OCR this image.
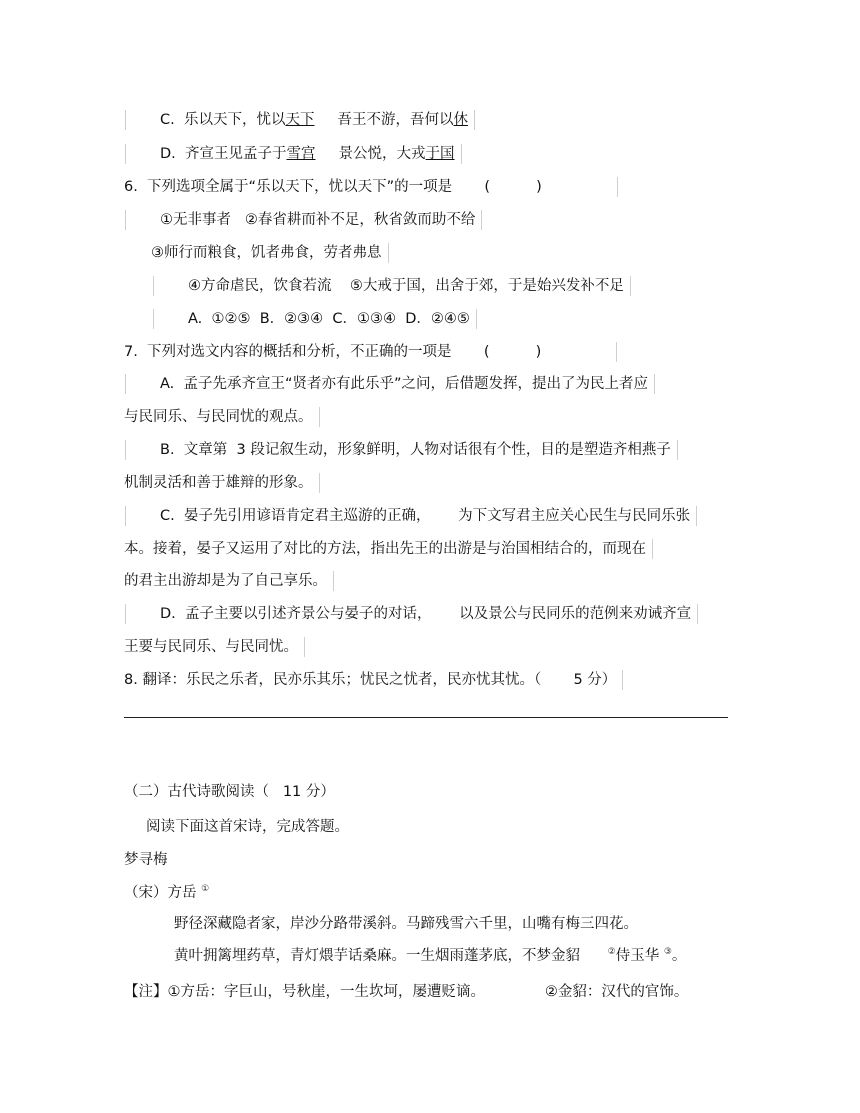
C. 乐以天下，忧以天下 吾王不游，吾何以休
D. 齐宣王见孟子于雪宫 景公悦，大戎于国
6.  下列选项全属于“乐以天下，忧以天下”的一项是 (          )
①无非事者   ②春省耕而补不足，秋省敛而助不给
③师行而粮食，饥者弗食，劳者弗息
④方命虐民，饮食若流    ⑤大戒于国，出舍于郊，于是始兴发补不足
A.  ①②⑤  B．②③④  C．①③④  D．②④⑤
7.  下列对选文内容的概括和分析，不正确的一项是 (          )
A.  孟子先承齐宣王“贤者亦有此乐乎”之问，后借题发挥，提出了为民上者应
与民同乐、与民同忧的观点。
B.  文章第  3 段记叙生动，形象鲜明，人物对话很有个性，目的是塑造齐相燕子
机制灵活和善于雄辩的形象。
C.  晏子先引用谚语肯定君主巡游的正确，      为下文写君主应关心民生与民同乐张
本。接着，晏子又运用了对比的方法，指出先王的出游是与治国相结合的，而现在
的君主出游却是为了自己享乐。
D.  孟子主要以引述齐景公与晏子的对话，      以及景公与民同乐的范例来劝诫齐宣
王要与民同乐、与民同忧。
8. 翻译：乐民之乐者，民亦乐其乐；忧民之忧者，民亦忧其忧。（       5 分）
（二）古代诗歌阅读（   11 分）
阅读下面这首宋诗，完成答题。
梦寻梅
（宋）方岳 ①
野径深藏隐者家，岸沙分路带溪斜。马蹄残雪六千里，山嘴有梅三四花。
黄叶拥篱埋药草，青灯煨芋话桑麻。一生烟雨蓬茅底，不梦金貂	②侍玉华 ③。
【注】①方岳：字巨山，号秋崖，一生坎坷，屡遭贬谪。             ②金貂：汉代的官饰。
